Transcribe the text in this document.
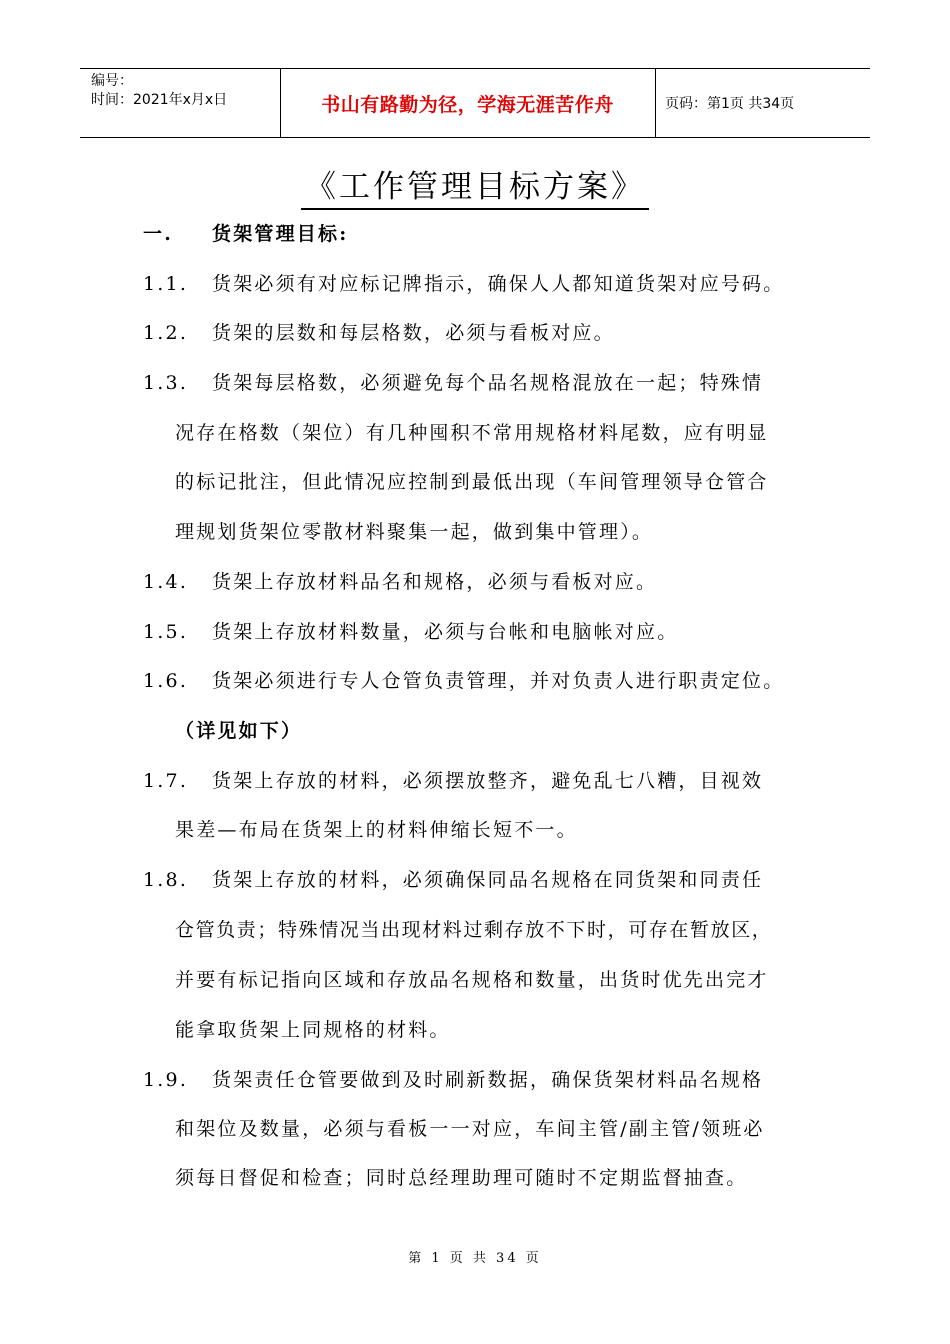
编号：
时间：2021年x月x日	书山有路勤为径，学海无涯苦作舟	页码：第1页 共34页
《工作管理目标方案》
一. 货架管理目标:
1.1. 货架必须有对应标记牌指示，确保人人都知道货架对应号码。
1.2. 货架的层数和每层格数，必须与看板对应。
1.3. 货架每层格数，必须避免每个品名规格混放在一起；特殊情
况存在格数（架位）有几种囤积不常用规格材料尾数，应有明显
的标记批注，但此情况应控制到最低出现（车间管理领导仓管合
理规划货架位零散材料聚集一起，做到集中管理）。
1.4. 货架上存放材料品名和规格，必须与看板对应。
1.5. 货架上存放材料数量，必须与台帐和电脑帐对应。
1.6. 货架必须进行专人仓管负责管理，并对负责人进行职责定位。
（详见如下）
1.7. 货架上存放的材料，必须摆放整齐，避免乱七八糟，目视效
果差—布局在货架上的材料伸缩长短不一。
1.8. 货架上存放的材料，必须确保同品名规格在同货架和同责任
仓管负责；特殊情况当出现材料过剩存放不下时，可存在暂放区，
并要有标记指向区域和存放品名规格和数量，出货时优先出完才
能拿取货架上同规格的材料。
1.9. 货架责任仓管要做到及时刷新数据，确保货架材料品名规格
和架位及数量，必须与看板一一对应，车间主管/副主管/领班必
须每日督促和检查；同时总经理助理可随时不定期监督抽查。
第 1 页 共 34 页
